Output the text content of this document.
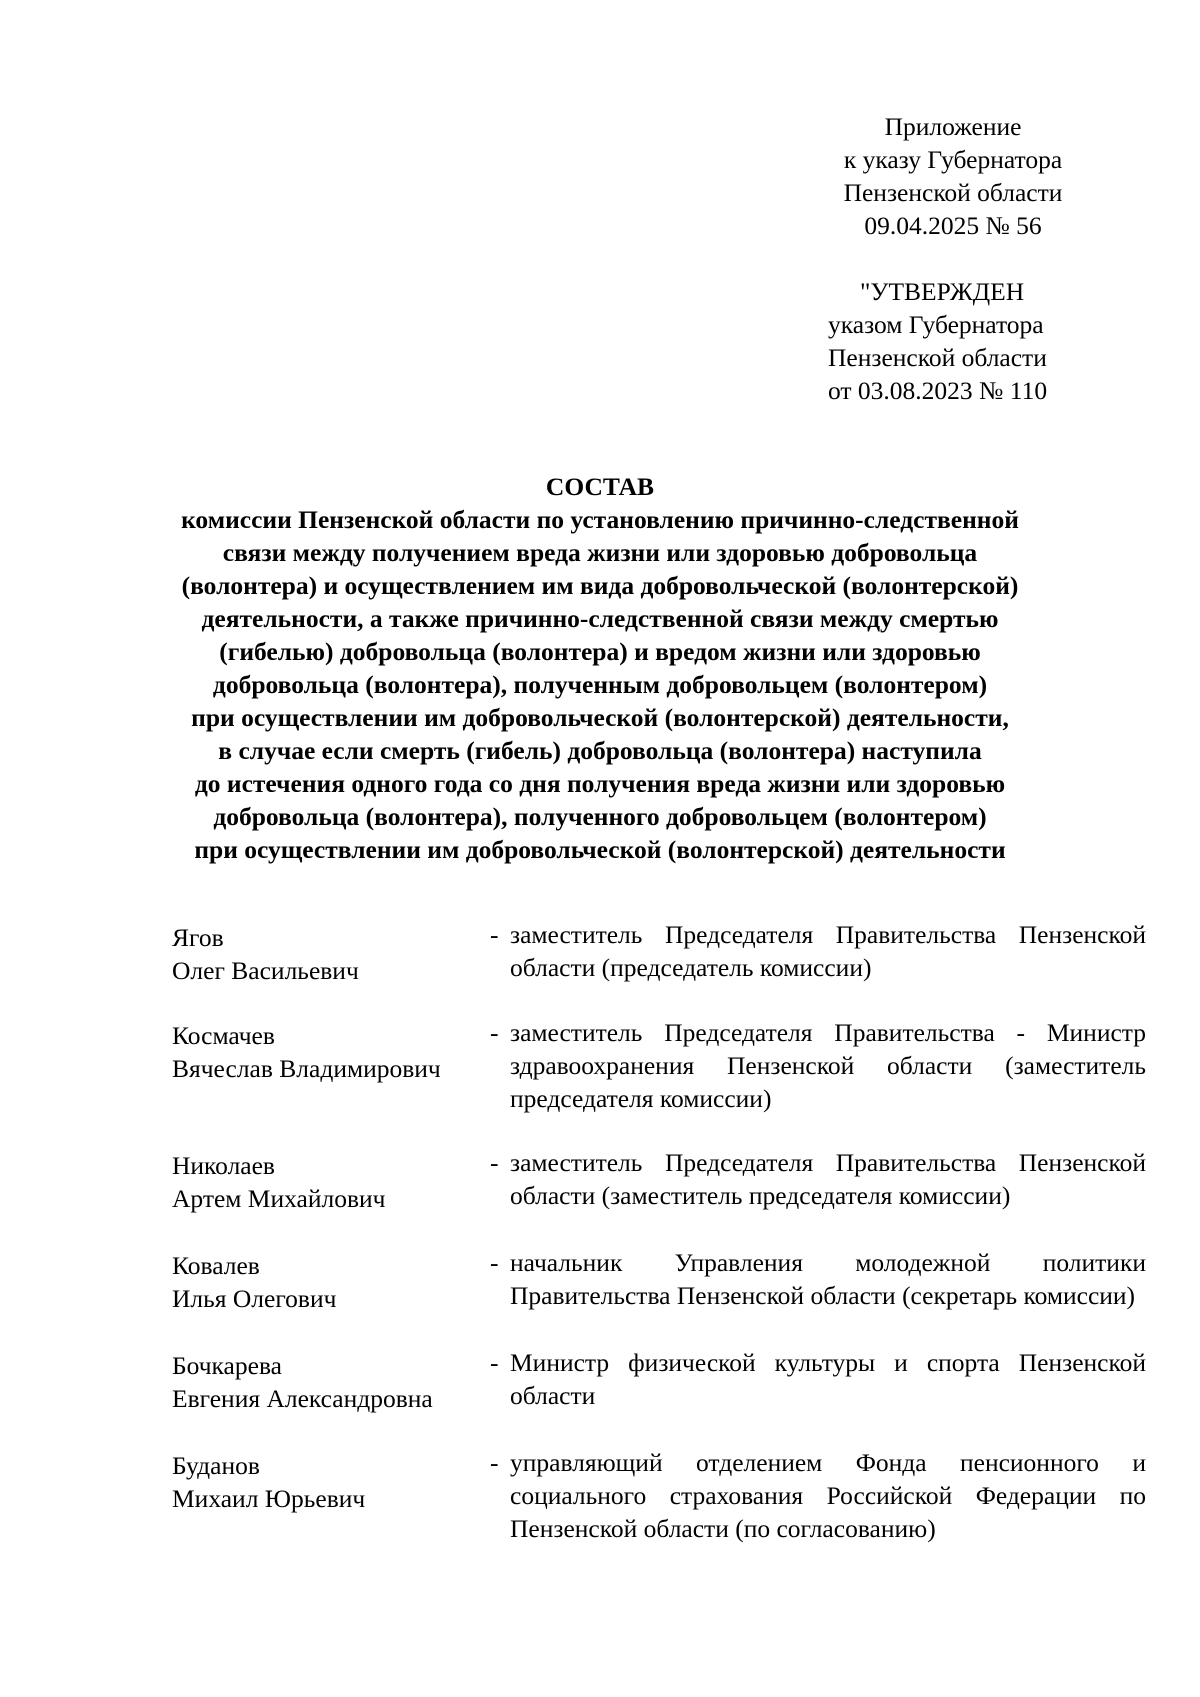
Приложение
к указу Губернатора
Пензенской области
09.04.2025 № 56
"УТВЕРЖДЕН
указом Губернатора
Пензенской области
от 03.08.2023 № 110
СОСТАВ
комиссии Пензенской области по установлению причинно-следственной
связи между получением вреда жизни или здоровью добровольца
(волонтера) и осуществлением им вида добровольческой (волонтерской)
деятельности, а также причинно-следственной связи между смертью
(гибелью) добровольца (волонтера) и вредом жизни или здоровью
добровольца (волонтера), полученным добровольцем (волонтером)
при осуществлении им добровольческой (волонтерской) деятельности,
в случае если смерть (гибель) добровольца (волонтера) наступила
до истечения одного года со дня получения вреда жизни или здоровью
добровольца (волонтера), полученного добровольцем (волонтером)
при осуществлении им добровольческой (волонтерской) деятельности
Ягов
Олег Васильевич
- заместитель Председателя Правительства Пензенской области (председатель комиссии)
Космачев
Вячеслав Владимирович
- заместитель Председателя Правительства - Министр здравоохранения Пензенской области (заместитель председателя комиссии)
Николаев
Артем Михайлович
- заместитель Председателя Правительства Пензенской области (заместитель председателя комиссии)
Ковалев
Илья Олегович
- начальник Управления молодежной политики Правительства Пензенской области (секретарь комиссии)
Бочкарева
Евгения Александровна
- Министр физической культуры и спорта Пензенской области
Буданов
Михаил Юрьевич
- управляющий отделением Фонда пенсионного и социального страхования Российской Федерации по Пензенской области (по согласованию)
